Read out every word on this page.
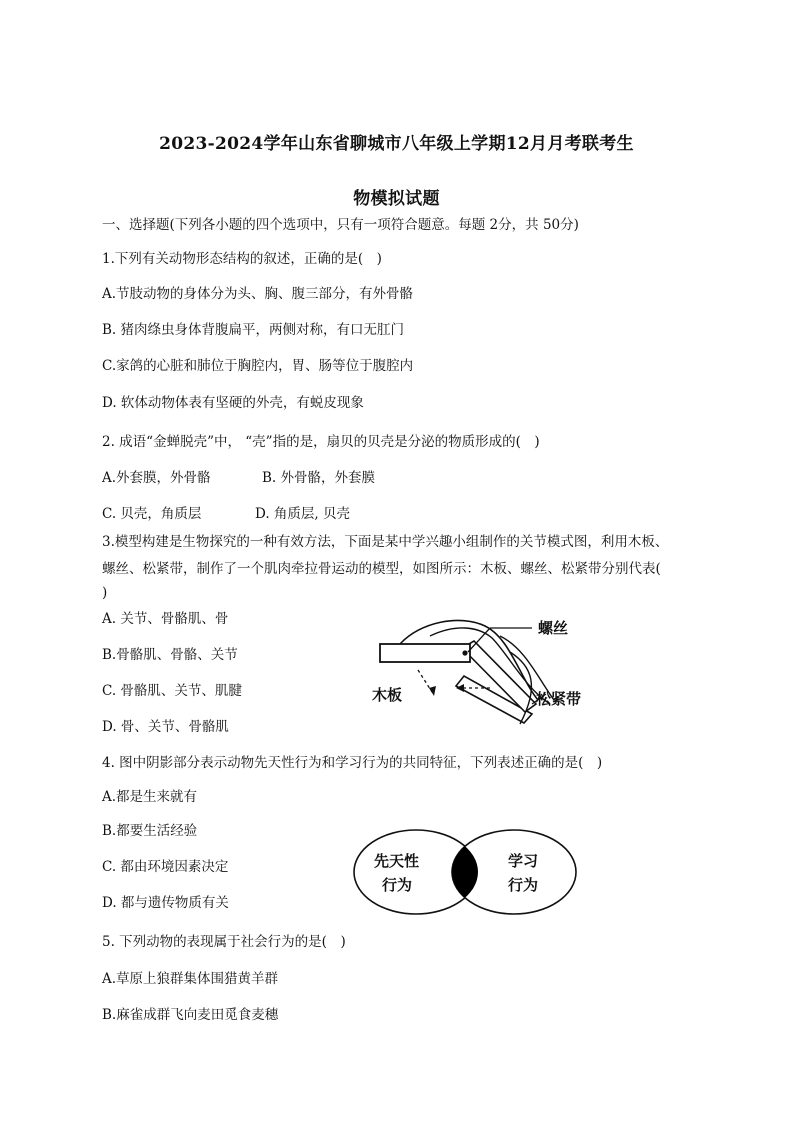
2023-2024学年山东省聊城市八年级上学期12月月考联考生
物模拟试题
一、选择题(下列各小题的四个选项中，只有一项符合题意。每题 2分，共 50分)
1.下列有关动物形态结构的叙述，正确的是(　)
A.节肢动物的身体分为头、胸、腹三部分，有外骨骼
B. 猪肉绦虫身体背腹扁平，两侧对称，有口无肛门
C.家鸽的心脏和肺位于胸腔内，胃、肠等位于腹腔内
D. 软体动物体表有坚硬的外壳，有蜕皮现象
2. 成语“金蝉脱壳”中， “壳”指的是，扇贝的贝壳是分泌的物质形成的(　)
A.外套膜，外骨骼	B. 外骨骼，外套膜
C. 贝壳，角质层	D. 角质层, 贝壳
3.模型构建是生物探究的一种有效方法，下面是某中学兴趣小组制作的关节模式图，利用木板、
螺丝、松紧带，制作了一个肌肉牵拉骨运动的模型，如图所示：木板、螺丝、松紧带分别代表(
)
A. 关节、骨骼肌、骨
B.骨骼肌、骨骼、关节
C. 骨骼肌、关节、肌腱
D. 骨、关节、骨骼肌
螺丝
木板	松紧带
4. 图中阴影部分表示动物先天性行为和学习行为的共同特征，下列表述正确的是(　)
A.都是生来就有
B.都要生活经验
C. 都由环境因素决定
D. 都与遗传物质有关
先天性
行为
学习
行为
5. 下列动物的表现属于社会行为的是(　)
A.草原上狼群集体围猎黄羊群
B.麻雀成群飞向麦田觅食麦穗
